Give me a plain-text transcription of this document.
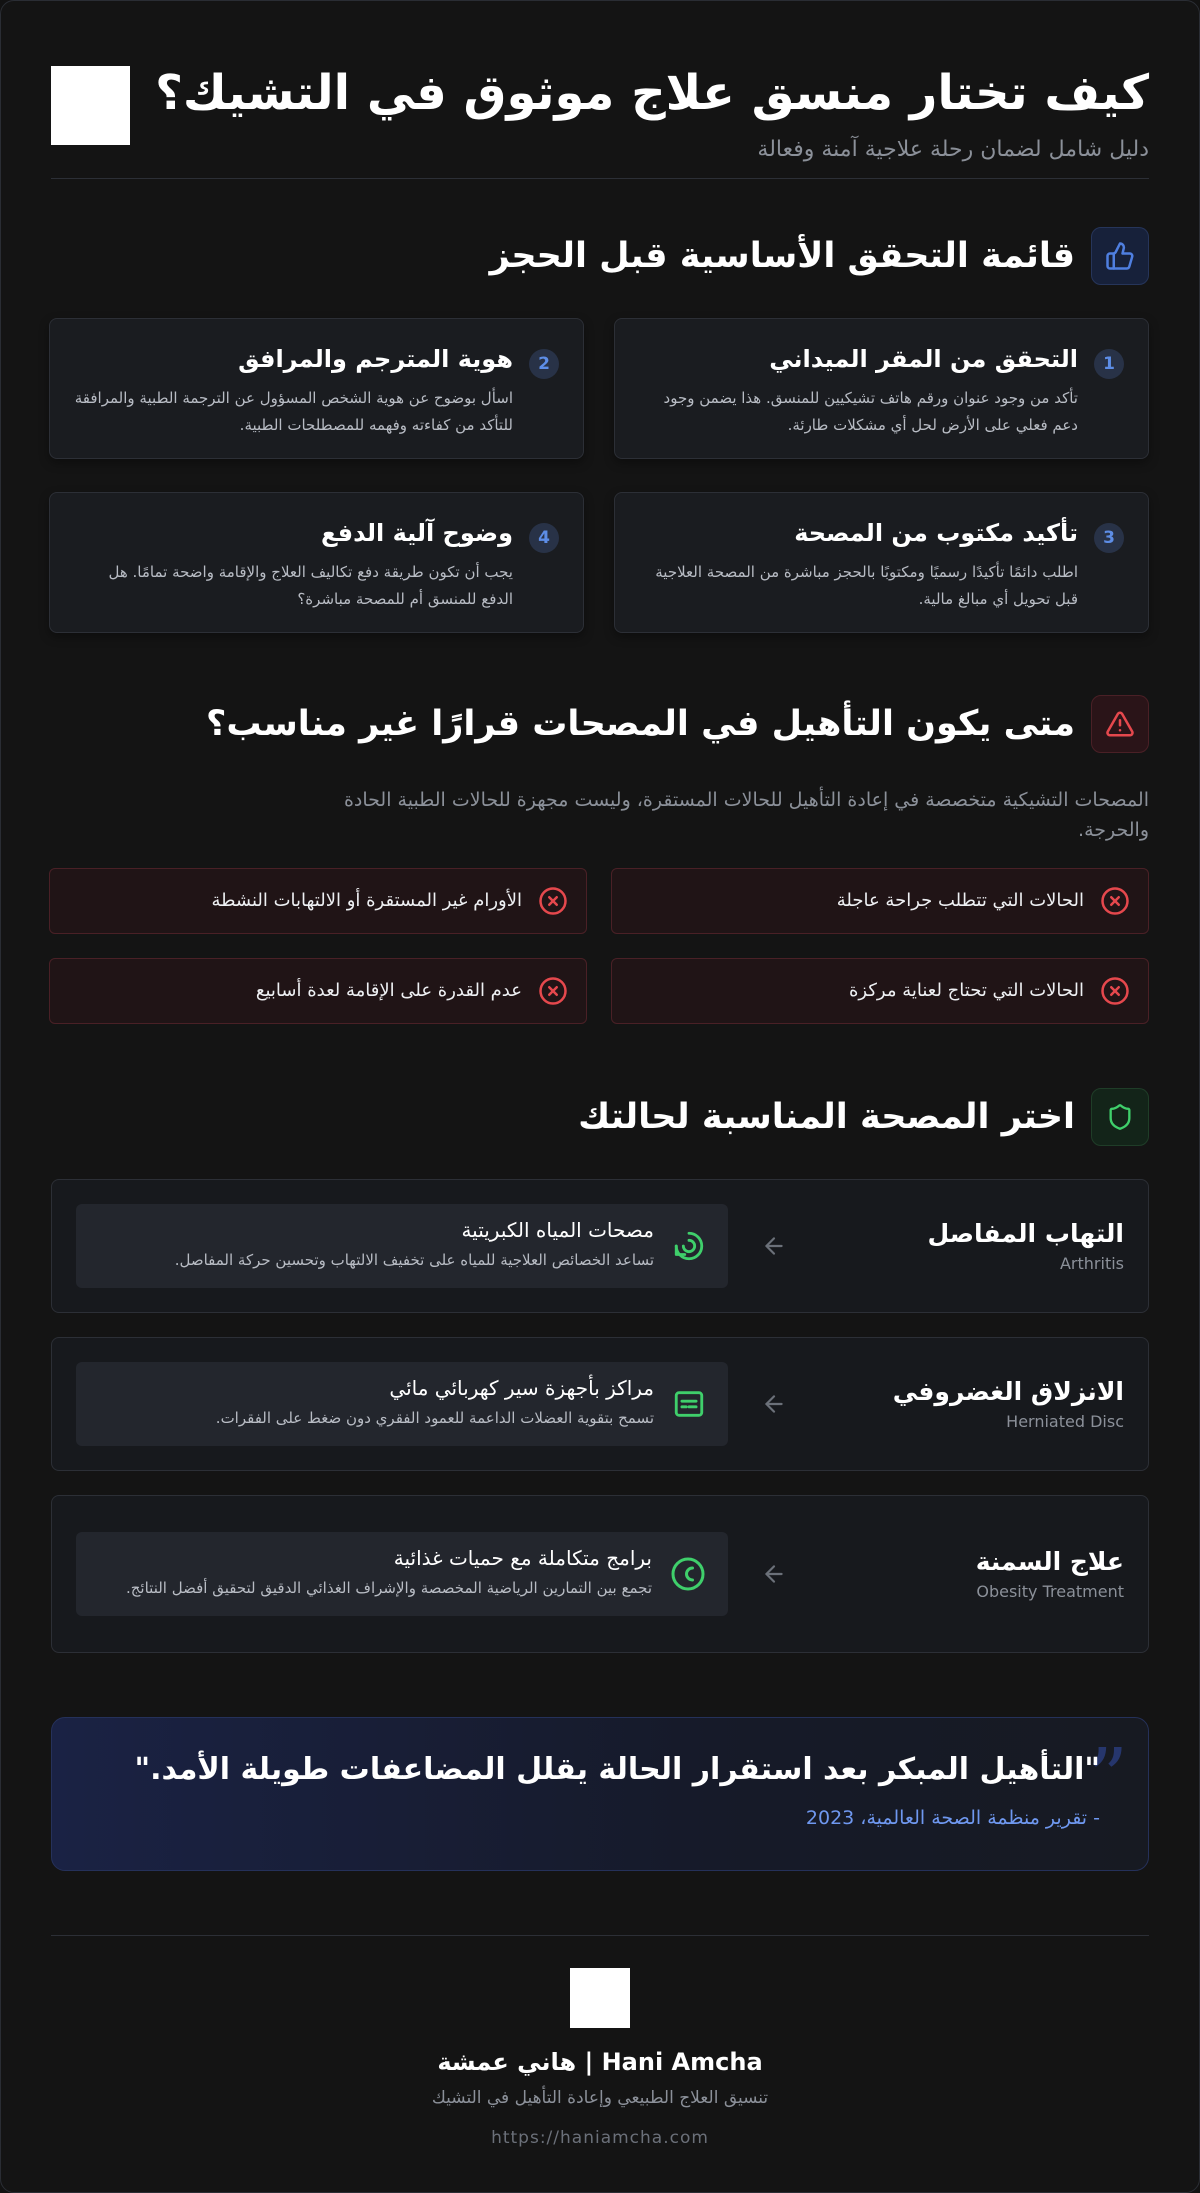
كيف تختار منسق علاج موثوق في التشيك؟
دليل شامل لضمان رحلة علاجية آمنة وفعالة
قائمة التحقق الأساسية قبل الحجز
1
التحقق من المقر الميداني
تأكد من وجود عنوان ورقم هاتف تشيكيين للمنسق. هذا يضمن وجود دعم فعلي على الأرض لحل أي مشكلات طارئة.
2
هوية المترجم والمرافق
اسأل بوضوح عن هوية الشخص المسؤول عن الترجمة الطبية والمرافقة للتأكد من كفاءته وفهمه للمصطلحات الطبية.
3
تأكيد مكتوب من المصحة
اطلب دائمًا تأكيدًا رسميًا ومكتوبًا بالحجز مباشرة من المصحة العلاجية قبل تحويل أي مبالغ مالية.
4
وضوح آلية الدفع
يجب أن تكون طريقة دفع تكاليف العلاج والإقامة واضحة تمامًا. هل الدفع للمنسق أم للمصحة مباشرة؟
متى يكون التأهيل في المصحات قرارًا غير مناسب؟

المصحات التشيكية متخصصة في إعادة التأهيل للحالات المستقرة، وليست مجهزة للحالات الطبية الحادة والحرجة.

الحالات التي تتطلب جراحة عاجلة
الأورام غير المستقرة أو الالتهابات النشطة
الحالات التي تحتاج لعناية مركزة
عدم القدرة على الإقامة لعدة أسابيع
اختر المصحة المناسبة لحالتك
التهاب المفاصل
Arthritis
مصحات المياه الكبريتية
تساعد الخصائص العلاجية للمياه على تخفيف الالتهاب وتحسين حركة المفاصل.
الانزلاق الغضروفي
Herniated Disc
مراكز بأجهزة سير كهربائي مائي
تسمح بتقوية العضلات الداعمة للعمود الفقري دون ضغط على الفقرات.
علاج السمنة
Obesity Treatment
برامج متكاملة مع حميات غذائية
تجمع بين التمارين الرياضية المخصصة والإشراف الغذائي الدقيق لتحقيق أفضل النتائج.
”
"التأهيل المبكر بعد استقرار الحالة يقلل المضاعفات طويلة الأمد."
- تقرير منظمة الصحة العالمية، 2023
Hani Amcha | هاني عمشة
تنسيق العلاج الطبيعي وإعادة التأهيل في التشيك
https://haniamcha.com
